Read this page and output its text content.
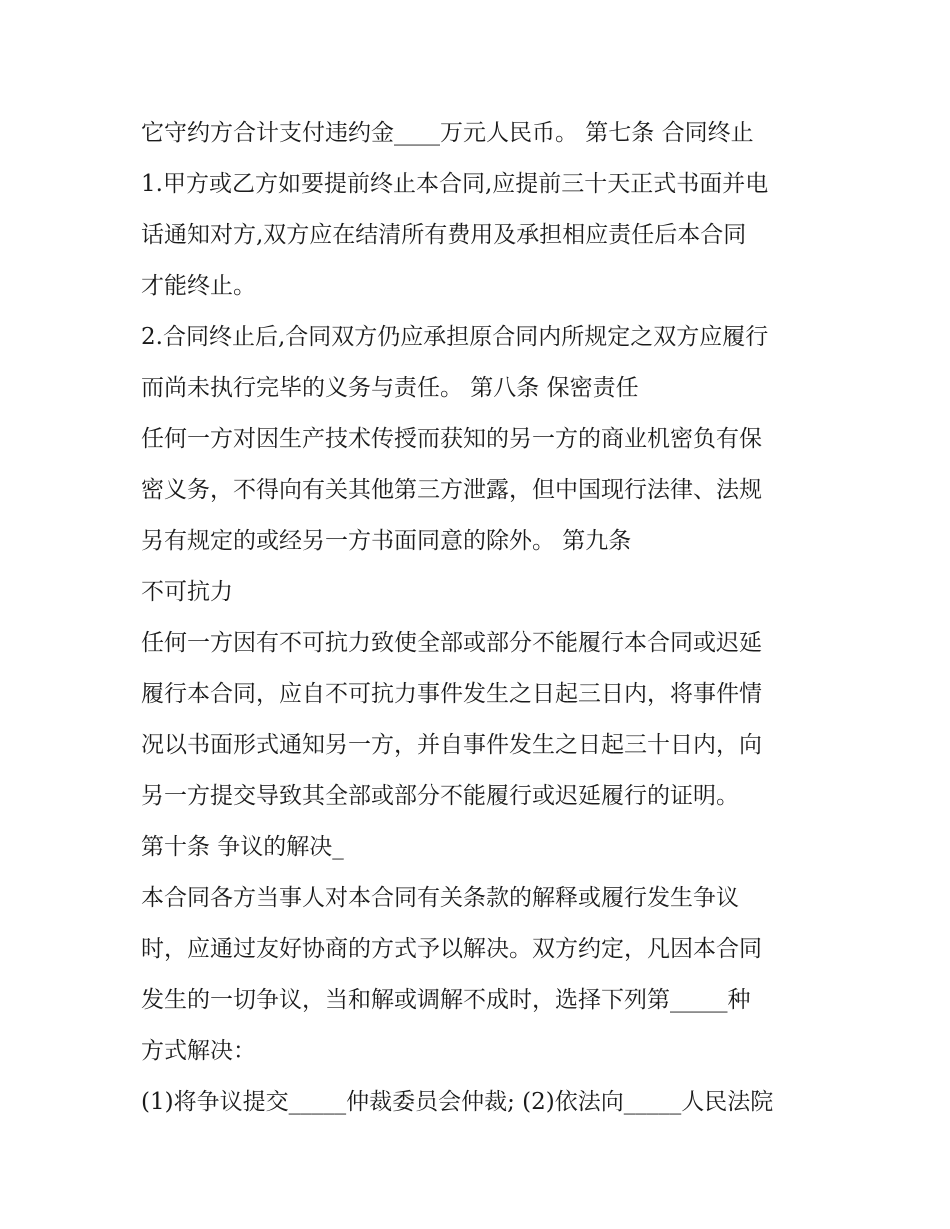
它守约方合计支付违约金____万元人民币。 第七条 合同终止
1.甲方或乙方如要提前终止本合同,应提前三十天正式书面并电
话通知对方,双方应在结清所有费用及承担相应责任后本合同
才能终止。
2.合同终止后,合同双方仍应承担原合同内所规定之双方应履行
而尚未执行完毕的义务与责任。 第八条 保密责任
任何一方对因生产技术传授而获知的另一方的商业机密负有保
密义务，不得向有关其他第三方泄露，但中国现行法律、法规
另有规定的或经另一方书面同意的除外。 第九条
不可抗力
任何一方因有不可抗力致使全部或部分不能履行本合同或迟延
履行本合同，应自不可抗力事件发生之日起三日内，将事件情
况以书面形式通知另一方，并自事件发生之日起三十日内，向
另一方提交导致其全部或部分不能履行或迟延履行的证明。
第十条 争议的解决_
本合同各方当事人对本合同有关条款的解释或履行发生争议
时，应通过友好协商的方式予以解决。双方约定，凡因本合同
发生的一切争议，当和解或调解不成时，选择下列第_____种
方式解决：
(1)将争议提交_____仲裁委员会仲裁; (2)依法向_____人民法院
